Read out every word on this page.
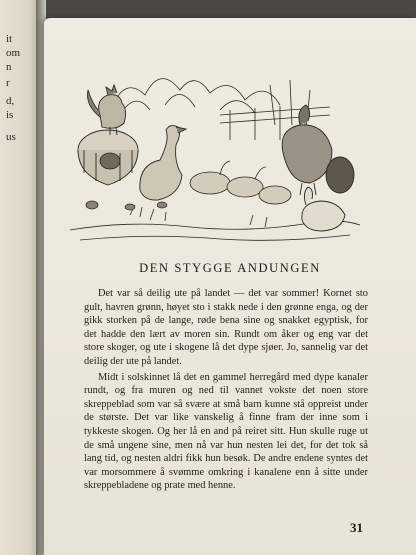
it
om
n
r
d,
is
us
DEN STYGGE ANDUNGEN

Det var så deilig ute på landet — det var sommer! Kornet sto gult, havren grønn, høyet sto i stakk nede i den grønne enga, og der gikk storken på de lange, røde bena sine og snakket egyptisk, for det hadde den lært av moren sin. Rundt om åker og eng var det store skoger, og ute i skogene lå det dype sjøer. Jo, sannelig var det deilig der ute på landet.

Midt i solskinnet lå det en gammel herregård med dype kanaler rundt, og fra muren og ned til vannet vokste det noen store skreppeblad som var så svære at små barn kunne stå oppreist under de største. Det var like vanskelig å finne fram der inne som i tykkeste skogen. Og her lå en and på reiret sitt. Hun skulle ruge ut de små ungene sine, men nå var hun nesten lei det, for det tok så lang tid, og nesten aldri fikk hun besøk. De andre endene syntes det var morsommere å svømme omkring i kanalene enn å sitte under skreppebladene og prate med henne.

31
